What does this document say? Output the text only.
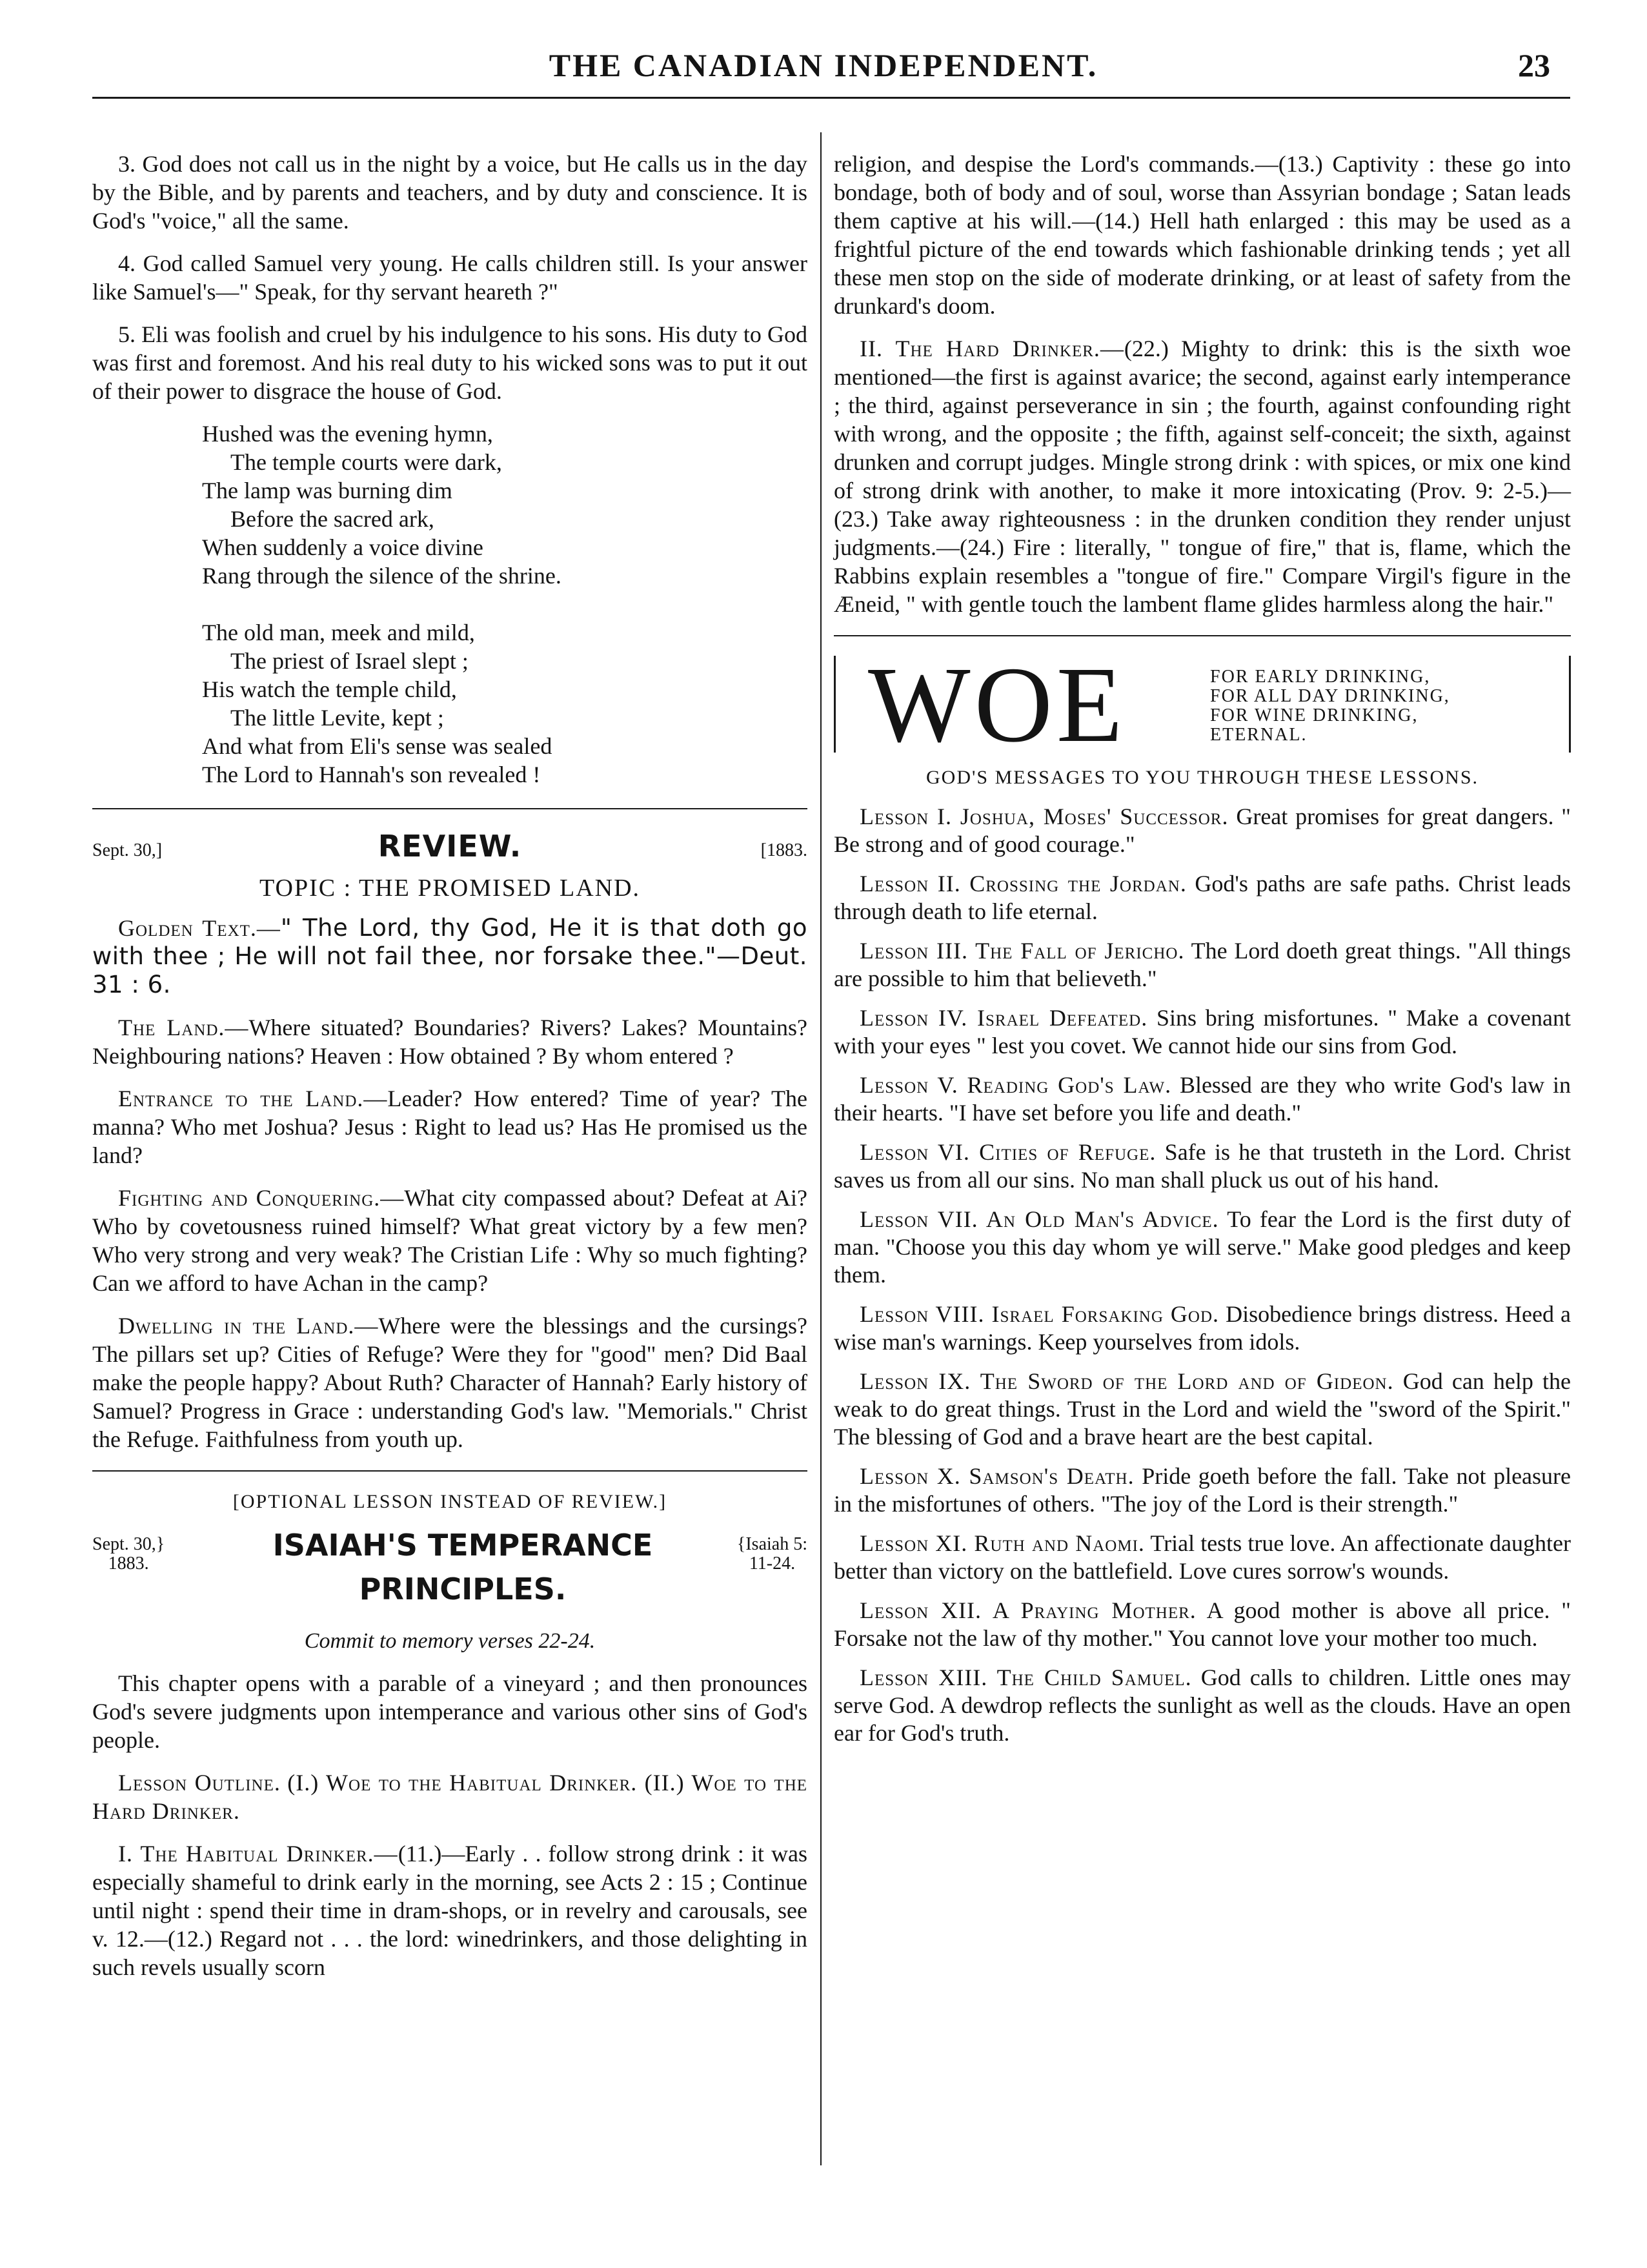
THE CANADIAN INDEPENDENT.	23

3. God does not call us in the night by a voice, but He calls us in the day by the Bible, and by parents and teachers, and by duty and conscience. It is God's "voice," all the same.

4. God called Samuel very young. He calls children still. Is your answer like Samuel's—" Speak, for thy servant heareth ?"

5. Eli was foolish and cruel by his indulgence to his sons. His duty to God was first and foremost. And his real duty to his wicked sons was to put it out of their power to disgrace the house of God.

Hushed was the evening hymn,
The temple courts were dark,
The lamp was burning dim
Before the sacred ark,
When suddenly a voice divine
Rang through the silence of the shrine.
The old man, meek and mild,
The priest of Israel slept ;
His watch the temple child,
The little Levite, kept ;
And what from Eli's sense was sealed
The Lord to Hannah's son revealed !
Sept. 30,]	REVIEW.	[1883.
TOPIC : THE PROMISED LAND.

Golden Text.—" The Lord, thy God, He it is that doth go with thee ; He will not fail thee, nor forsake thee."—Deut. 31 : 6.

The Land.—Where situated? Boundaries? Rivers? Lakes? Mountains? Neighbouring nations? Heaven : How obtained ? By whom entered ?

Entrance to the Land.—Leader? How entered? Time of year? The manna? Who met Joshua? Jesus : Right to lead us? Has He promised us the land?

Fighting and Conquering.—What city compassed about? Defeat at Ai? Who by covetousness ruined himself? What great victory by a few men? Who very strong and very weak? The Cristian Life : Why so much fighting? Can we afford to have Achan in the camp?

Dwelling in the Land.—Where were the blessings and the cursings? The pillars set up? Cities of Refuge? Were they for "good" men? Did Baal make the people happy? About Ruth? Character of Hannah? Early history of Samuel? Progress in Grace : understanding God's law. "Memorials." Christ the Refuge. Faithfulness from youth up.

[OPTIONAL LESSON INSTEAD OF REVIEW.]
Sept. 30,}
1883.
ISAIAH'S TEMPERANCE PRINCIPLES.
{Isaiah 5:
11-24.
Commit to memory verses 22-24.

This chapter opens with a parable of a vineyard ; and then pronounces God's severe judgments upon intemperance and various other sins of God's people.

Lesson Outline. (I.) Woe to the Habitual Drinker. (II.) Woe to the Hard Drinker.

I. The Habitual Drinker.—(11.)—Early . . follow strong drink : it was especially shameful to drink early in the morning, see Acts 2 : 15 ; Continue until night : spend their time in dram-shops, or in revelry and carousals, see v. 12.—(12.) Regard not . . . the lord: winedrinkers, and those delighting in such revels usually scorn

religion, and despise the Lord's commands.—(13.) Captivity : these go into bondage, both of body and of soul, worse than Assyrian bondage ; Satan leads them captive at his will.—(14.) Hell hath enlarged : this may be used as a frightful picture of the end towards which fashionable drinking tends ; yet all these men stop on the side of moderate drinking, or at least of safety from the drunkard's doom.

II. The Hard Drinker.—(22.) Mighty to drink: this is the sixth woe mentioned—the first is against avarice; the second, against early intemperance ; the third, against perseverance in sin ; the fourth, against confounding right with wrong, and the opposite ; the fifth, against self-conceit; the sixth, against drunken and corrupt judges. Mingle strong drink : with spices, or mix one kind of strong drink with another, to make it more intoxicating (Prov. 9: 2-5.)—(23.) Take away righteousness : in the drunken condition they render unjust judgments.—(24.) Fire : literally, " tongue of fire," that is, flame, which the Rabbins explain resembles a "tongue of fire." Compare Virgil's figure in the Æneid, " with gentle touch the lambent flame glides harmless along the hair."

WOE	FOR EARLY DRINKING,
FOR ALL DAY DRINKING,
FOR WINE DRINKING,
ETERNAL.
GOD'S MESSAGES TO YOU THROUGH THESE LESSONS.

Lesson I. Joshua, Moses' Successor. Great promises for great dangers. " Be strong and of good courage."

Lesson II. Crossing the Jordan. God's paths are safe paths. Christ leads through death to life eternal.

Lesson III. The Fall of Jericho. The Lord doeth great things. "All things are possible to him that believeth."

Lesson IV. Israel Defeated. Sins bring misfortunes. " Make a covenant with your eyes " lest you covet. We cannot hide our sins from God.

Lesson V. Reading God's Law. Blessed are they who write God's law in their hearts. "I have set before you life and death."

Lesson VI. Cities of Refuge. Safe is he that trusteth in the Lord. Christ saves us from all our sins. No man shall pluck us out of his hand.

Lesson VII. An Old Man's Advice. To fear the Lord is the first duty of man. "Choose you this day whom ye will serve." Make good pledges and keep them.

Lesson VIII. Israel Forsaking God. Disobedience brings distress. Heed a wise man's warnings. Keep yourselves from idols.

Lesson IX. The Sword of the Lord and of Gideon. God can help the weak to do great things. Trust in the Lord and wield the "sword of the Spirit." The blessing of God and a brave heart are the best capital.

Lesson X. Samson's Death. Pride goeth before the fall. Take not pleasure in the misfortunes of others. "The joy of the Lord is their strength."

Lesson XI. Ruth and Naomi. Trial tests true love. An affectionate daughter better than victory on the battlefield. Love cures sorrow's wounds.

Lesson XII. A Praying Mother. A good mother is above all price. " Forsake not the law of thy mother." You cannot love your mother too much.

Lesson XIII. The Child Samuel. God calls to children. Little ones may serve God. A dewdrop reflects the sunlight as well as the clouds. Have an open ear for God's truth.
